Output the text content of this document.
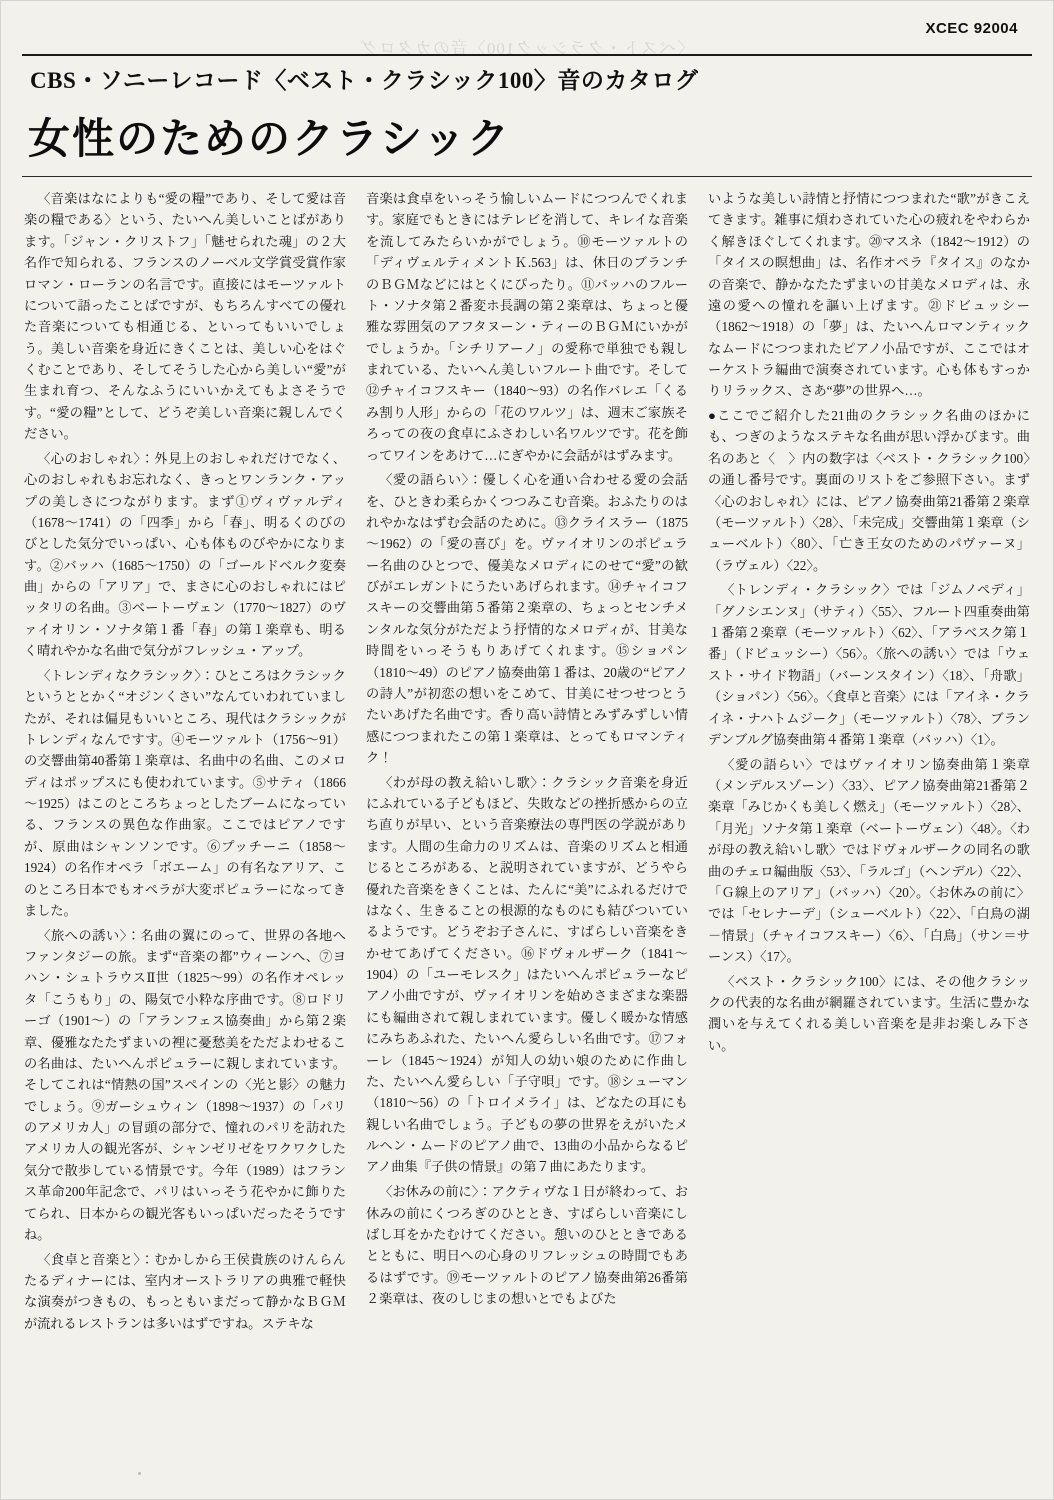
〈ベスト・クラシック100〉音のカタログ
XCEC 92004
CBS・ソニーレコード〈ベスト・クラシック100〉音のカタログ
女性のためのクラシック

〈音楽はなによりも“愛の糧”であり、そして愛は音楽の糧である〉という、たいへん美しいことばがあります。「ジャン・クリストフ」「魅せられた魂」の２大名作で知られる、フランスのノーベル文学賞受賞作家ロマン・ローランの名言です。直接にはモーツァルトについて語ったことばですが、もちろんすべての優れた音楽についても相通じる、といってもいいでしょう。美しい音楽を身近にきくことは、美しい心をはぐくむことであり、そしてそうした心から美しい“愛”が生まれ育つ、そんなふうにいいかえてもよさそうです。“愛の糧”として、どうぞ美しい音楽に親しんでください。

〈心のおしゃれ〉：外見上のおしゃれだけでなく、心のおしゃれもお忘れなく、きっとワンランク・アップの美しさにつながります。まず①ヴィヴァルディ（1678～1741）の「四季」から「春」、明るくのびのびとした気分でいっぱい、心も体ものびやかになります。②バッハ（1685～1750）の「ゴールドベルク変奏曲」からの「アリア」で、まさに心のおしゃれにはピッタリの名曲。③ベートーヴェン（1770～1827）のヴァイオリン・ソナタ第１番「春」の第１楽章も、明るく晴れやかな名曲で気分がフレッシュ・アップ。

〈トレンディなクラシック〉：ひところはクラシックというととかく“オジンくさい”なんていわれていましたが、それは偏見もいいところ、現代はクラシックがトレンディなんですす。④モーツァルト（1756～91）の交響曲第40番第１楽章は、名曲中の名曲、このメロディはポップスにも使われています。⑤サティ（1866～1925）はこのところちょっとしたブームになっている、フランスの異色な作曲家。ここではピアノですが、原曲はシャンソンです。⑥プッチーニ（1858～1924）の名作オペラ「ボエーム」の有名なアリア、このところ日本でもオペラが大変ポピュラーになってきました。

〈旅への誘い〉：名曲の翼にのって、世界の各地へファンタジーの旅。まず“音楽の都”ウィーンへ、⑦ヨハン・シュトラウスⅡ世（1825～99）の名作オペレッタ「こうもり」の、陽気で小粋な序曲です。⑧ロドリーゴ（1901～）の「アランフェス協奏曲」から第２楽章、優雅なたたずまいの裡に憂愁美をただよわせるこの名曲は、たいへんポピュラーに親しまれています。そしてこれは“情熱の国”スペインの〈光と影〉の魅力でしょう。⑨ガーシュウィン（1898～1937）の「パリのアメリカ人」の冒頭の部分で、憧れのパリを訪れたアメリカ人の観光客が、シャンゼリゼをワクワクした気分で散歩している情景です。今年（1989）はフランス革命200年記念で、パリはいっそう花やかに飾りたてられ、日本からの観光客もいっぱいだったそうですね。

〈食卓と音楽と〉：むかしから王侯貴族のけんらんたるディナーには、室内オーストラリアの典雅で軽快な演奏がつきもの、もっともいまだって静かなＢＧＭが流れるレストランは多いはずですね。ステキな

音楽は食卓をいっそう愉しいムードにつつんでくれます。家庭でもときにはテレビを消して、キレイな音楽を流してみたらいかがでしょう。⑩モーツァルトの「ディヴェルティメントＫ.563」は、休日のブランチのＢＧＭなどにはとくにぴったり。⑪バッハのフルート・ソナタ第２番変ホ長調の第２楽章は、ちょっと優雅な雰囲気のアフタヌーン・ティーのＢＧＭにいかがでしょうか。「シチリアーノ」の愛称で単独でも親しまれている、たいへん美しいフルート曲です。そして⑫チャイコフスキー（1840～93）の名作バレエ「くるみ割り人形」からの「花のワルツ」は、週末ご家族そろっての夜の食卓にふさわしい名ワルツです。花を飾ってワインをあけて…にぎやかに会話がはずみます。

〈愛の語らい〉：優しく心を通い合わせる愛の会話を、ひときわ柔らかくつつみこむ音楽。おふたりのはれやかなはずむ会話のために。⑬クライスラー（1875～1962）の「愛の喜び」を。ヴァイオリンのポピュラー名曲のひとつで、優美なメロディにのせて“愛”の歓びがエレガントにうたいあげられます。⑭チャイコフスキーの交響曲第５番第２楽章の、ちょっとセンチメンタルな気分がただよう抒情的なメロディが、甘美な時間をいっそうもりあげてくれます。⑮ショパン（1810～49）のピアノ協奏曲第１番は、20歳の“ピアノの詩人”が初恋の想いをこめて、甘美にせつせつとうたいあげた名曲です。香り高い詩情とみずみずしい情感につつまれたこの第１楽章は、とってもロマンティク！

〈わが母の教え給いし歌〉：クラシック音楽を身近にふれている子どもほど、失敗などの挫折感からの立ち直りが早い、という音楽療法の専門医の学説があります。人間の生命力のリズムは、音楽のリズムと相通じるところがある、と説明されていますが、どうやら優れた音楽をきくことは、たんに“美”にふれるだけではなく、生きることの根源的なものにも結びついているようです。どうぞお子さんに、すばらしい音楽をきかせてあげてください。⑯ドヴォルザーク（1841～1904）の「ユーモレスク」はたいへんポピュラーなピアノ小曲ですが、ヴァイオリンを始めさまざまな楽器にも編曲されて親しまれています。優しく暖かな情感にみちあふれた、たいへん愛らしい名曲です。⑰フォーレ（1845～1924）が知人の幼い娘のために作曲した、たいへん愛らしい「子守唄」です。⑱シューマン（1810～56）の「トロイメライ」は、どなたの耳にも親しい名曲でしょう。子どもの夢の世界をえがいたメルヘン・ムードのピアノ曲で、13曲の小品からなるピアノ曲集『子供の情景』の第７曲にあたります。

〈お休みの前に〉：アクティヴな１日が終わって、お休みの前にくつろぎのひととき、すばらしい音楽にしばし耳をかたむけてください。憩いのひとときであるとともに、明日への心身のリフレッシュの時間でもあるはずです。⑲モーツァルトのピアノ協奏曲第26番第２楽章は、夜のしじまの想いとでもよびた

いような美しい詩情と抒情につつまれた“歌”がきこえてきます。雑事に煩わされていた心の疲れをやわらかく解きほぐしてくれます。⑳マスネ（1842～1912）の「タイスの瞑想曲」は、名作オペラ『タイス』のなかの音楽で、静かなたたずまいの甘美なメロディは、永遠の愛への憧れを謳い上げます。㉑ドビュッシー（1862～1918）の「夢」は、たいへんロマンティックなムードにつつまれたピアノ小品ですが、ここではオーケストラ編曲で演奏されています。心も体もすっかりリラックス、さあ“夢”の世界へ…。

●ここでご紹介した21曲のクラシック名曲のほかにも、つぎのようなステキな名曲が思い浮かびます。曲名のあと〈　〉内の数字は〈ベスト・クラシック100〉の通し番号です。裏面のリストをご参照下さい。まず〈心のおしゃれ〉には、ピアノ協奏曲第21番第２楽章（モーツァルト）〈28〉、「未完成」交響曲第１楽章（シューベルト）〈80〉、「亡き王女のためのパヴァーヌ」（ラヴェル）〈22〉。

〈トレンディ・クラシック〉では「ジムノペディ」「グノシエンヌ」（サティ）〈55〉、フルート四重奏曲第１番第２楽章（モーツァルト）〈62〉、「アラベスク第１番」（ドビュッシー）〈56〉。〈旅への誘い〉では「ウェスト・サイド物語」（バーンスタイン）〈18〉、「舟歌」（ショパン）〈56〉。〈食卓と音楽〉には「アイネ・クライネ・ナハトムジーク」（モーツァルト）〈78〉、ブランデンブルグ協奏曲第４番第１楽章（バッハ）〈1〉。

〈愛の語らい〉ではヴァイオリン協奏曲第１楽章（メンデルスゾーン）〈33〉、ピアノ協奏曲第21番第２楽章「みじかくも美しく燃え」（モーツァルト）〈28〉、「月光」ソナタ第１楽章（ベートーヴェン）〈48〉。〈わが母の教え給いし歌〉ではドヴォルザークの同名の歌曲のチェロ編曲版〈53〉、「ラルゴ」（ヘンデル）〈22〉、「Ｇ線上のアリア」（バッハ）〈20〉。〈お休みの前に〉では「セレナーデ」（シューベルト）〈22〉、「白鳥の湖－情景」（チャイコフスキー）〈6〉、「白鳥」（サン＝サーンス）〈17〉。

〈ベスト・クラシック100〉には、その他クラシックの代表的な名曲が網羅されています。生活に豊かな潤いを与えてくれる美しい音楽を是非お楽しみ下さい。
